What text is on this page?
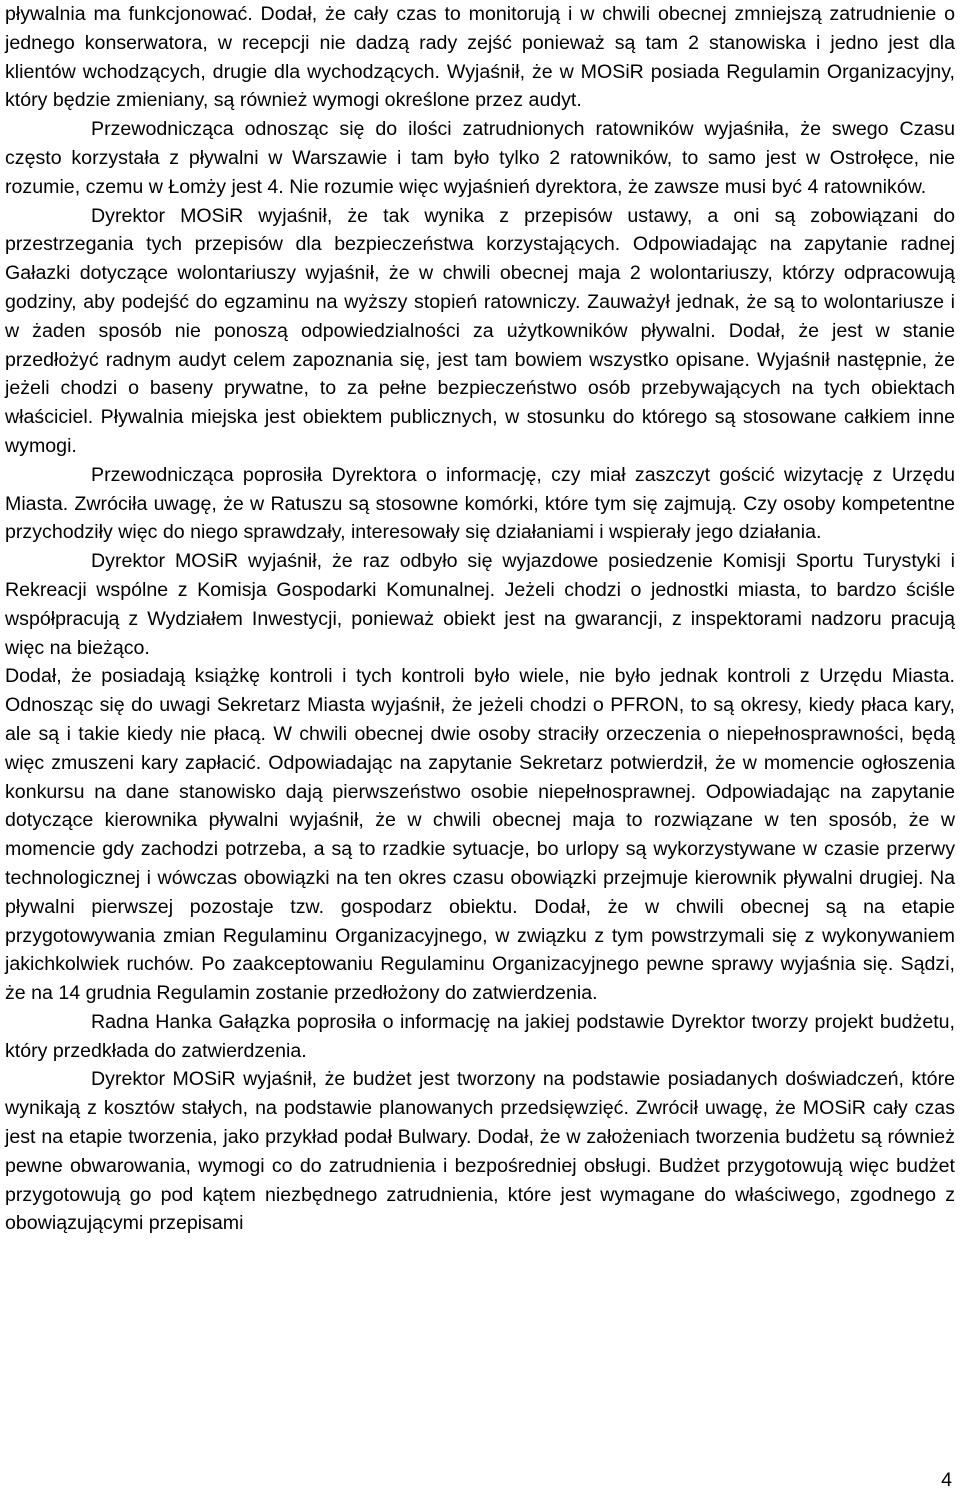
pływalnia ma funkcjonować. Dodał, że cały czas to monitorują i w chwili obecnej zmniejszą zatrudnienie o jednego konserwatora, w recepcji nie dadzą rady zejść ponieważ są tam 2 stanowiska i jedno jest dla klientów wchodzących, drugie dla wychodzących. Wyjaśnił, że w MOSiR posiada Regulamin Organizacyjny, który będzie zmieniany, są również wymogi określone przez audyt.

Przewodnicząca odnosząc się do ilości zatrudnionych ratowników wyjaśniła, że swego Czasu często korzystała z pływalni w Warszawie i tam było tylko 2 ratowników, to samo jest w Ostrołęce, nie rozumie, czemu w Łomży jest 4. Nie rozumie więc wyjaśnień dyrektora, że zawsze musi być 4 ratowników.

Dyrektor MOSiR wyjaśnił, że tak wynika z przepisów ustawy, a oni są zobowiązani do przestrzegania tych przepisów dla bezpieczeństwa korzystających. Odpowiadając na zapytanie radnej Gałazki dotyczące wolontariuszy wyjaśnił, że w chwili obecnej maja 2 wolontariuszy, którzy odpracowują godziny, aby podejść do egzaminu na wyższy stopień ratowniczy. Zauważył jednak, że są to wolontariusze i w żaden sposób nie ponoszą odpowiedzialności za użytkowników pływalni. Dodał, że jest w stanie przedłożyć radnym audyt celem zapoznania się, jest tam bowiem wszystko opisane. Wyjaśnił następnie, że jeżeli chodzi o baseny prywatne, to za pełne bezpieczeństwo osób przebywających na tych obiektach właściciel. Pływalnia miejska jest obiektem publicznych, w stosunku do którego są stosowane całkiem inne wymogi.

Przewodnicząca poprosiła Dyrektora o informację, czy miał zaszczyt gościć wizytację z Urzędu Miasta. Zwróciła uwagę, że w Ratuszu są stosowne komórki, które tym się zajmują. Czy osoby kompetentne przychodziły więc do niego sprawdzały, interesowały się działaniami i wspierały jego działania.

Dyrektor MOSiR wyjaśnił, że raz odbyło się wyjazdowe posiedzenie Komisji Sportu Turystyki i Rekreacji wspólne z Komisja Gospodarki Komunalnej. Jeżeli chodzi o jednostki miasta, to bardzo ściśle współpracują z Wydziałem Inwestycji, ponieważ obiekt jest na gwarancji, z inspektorami nadzoru pracują więc na bieżąco.

Dodał, że posiadają książkę kontroli i tych kontroli było wiele, nie było jednak kontroli z Urzędu Miasta. Odnosząc się do uwagi Sekretarz Miasta wyjaśnił, że jeżeli chodzi o PFRON, to są okresy, kiedy płaca kary, ale są i takie kiedy nie płacą. W chwili obecnej dwie osoby straciły orzeczenia o niepełnosprawności, będą więc zmuszeni kary zapłacić. Odpowiadając na zapytanie Sekretarz potwierdził, że w momencie ogłoszenia konkursu na dane stanowisko dają pierwszeństwo osobie niepełnosprawnej. Odpowiadając na zapytanie dotyczące kierownika pływalni wyjaśnił, że w chwili obecnej maja to rozwiązane w ten sposób, że w momencie gdy zachodzi potrzeba, a są to rzadkie sytuacje, bo urlopy są wykorzystywane w czasie przerwy technologicznej i wówczas obowiązki na ten okres czasu obowiązki przejmuje kierownik pływalni drugiej. Na pływalni pierwszej pozostaje tzw. gospodarz obiektu. Dodał, że w chwili obecnej są na etapie przygotowywania zmian Regulaminu Organizacyjnego, w związku z tym powstrzymali się z wykonywaniem jakichkolwiek ruchów. Po zaakceptowaniu Regulaminu Organizacyjnego pewne sprawy wyjaśnia się. Sądzi, że na 14 grudnia Regulamin zostanie przedłożony do zatwierdzenia.

Radna Hanka Gałązka poprosiła o informację na jakiej podstawie Dyrektor tworzy projekt budżetu, który przedkłada do zatwierdzenia.

Dyrektor MOSiR wyjaśnił, że budżet jest tworzony na podstawie posiadanych doświadczeń, które wynikają z kosztów stałych, na podstawie planowanych przedsięwzięć. Zwrócił uwagę, że MOSiR cały czas jest na etapie tworzenia, jako przykład podał Bulwary. Dodał, że w założeniach tworzenia budżetu są również pewne obwarowania, wymogi co do zatrudnienia i bezpośredniej obsługi. Budżet przygotowują więc budżet przygotowują go pod kątem niezbędnego zatrudnienia, które jest wymagane do właściwego, zgodnego z obowiązującymi przepisami

4
